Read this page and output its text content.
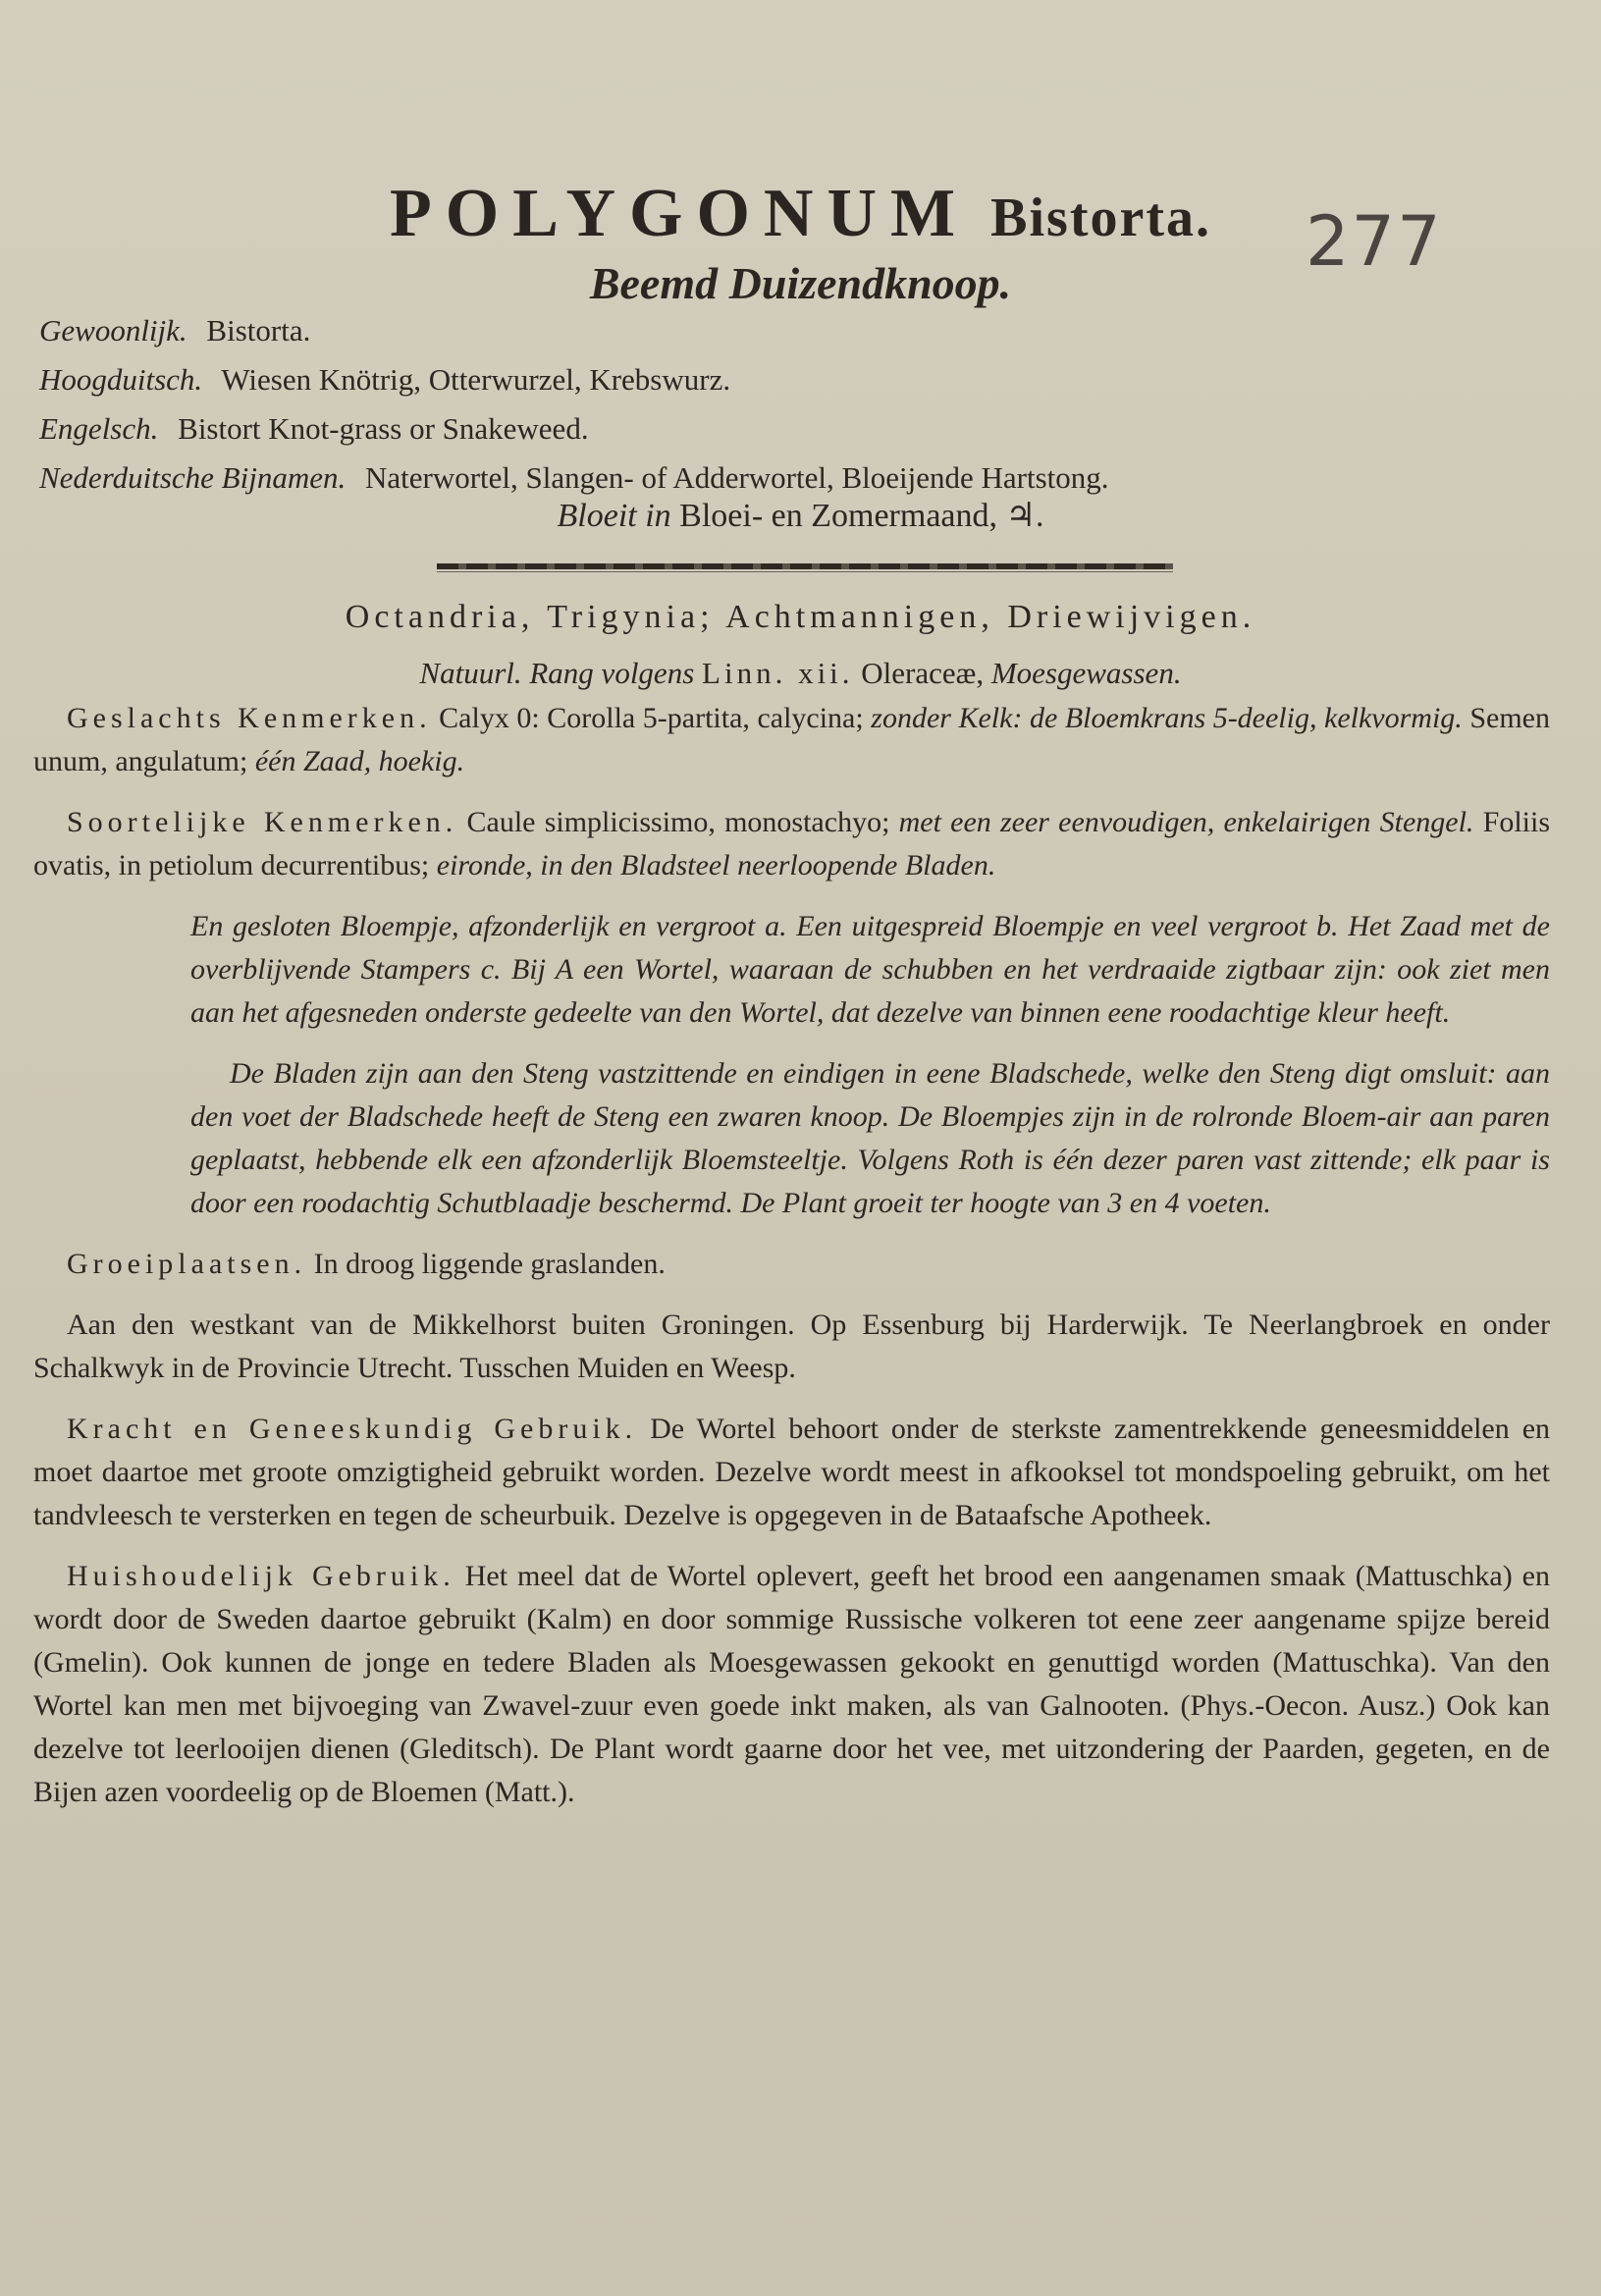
POLYGONUM Bistorta.	277
Beemd Duizendknoop.
Gewoonlijk. Bistorta.
Hoogduitsch. Wiesen Knötrig, Otterwurzel, Krebswurz.
Engelsch. Bistort Knot-grass or Snakeweed.
Nederduitsche Bijnamen. Naterwortel, Slangen- of Adderwortel, Bloeijende Hartstong.
Bloeit in Bloei- en Zomermaand, ♃.
Octandria, Trigynia; Achtmannigen, Driewijvigen.
Natuurl. Rang volgens Linn. xii. Oleraceæ, Moesgewassen.

Geslachts Kenmerken. Calyx 0: Corolla 5-partita, calycina; zonder Kelk: de Bloemkrans 5-deelig, kelkvormig. Semen unum, angulatum; één Zaad, hoekig.

Soortelijke Kenmerken. Caule simplicissimo, monostachyo; met een zeer eenvoudigen, enkelairigen Stengel. Foliis ovatis, in petiolum decurrentibus; eironde, in den Bladsteel neerloopende Bladen.

En gesloten Bloempje, afzonderlijk en vergroot a. Een uitgespreid Bloempje en veel vergroot b. Het Zaad met de overblijvende Stampers c. Bij A een Wortel, waaraan de schubben en het verdraaide zigtbaar zijn: ook ziet men aan het afgesneden onderste gedeelte van den Wortel, dat dezelve van binnen eene roodachtige kleur heeft.

De Bladen zijn aan den Steng vastzittende en eindigen in eene Bladschede, welke den Steng digt omsluit: aan den voet der Bladschede heeft de Steng een zwaren knoop. De Bloempjes zijn in de rolronde Bloem-air aan paren geplaatst, hebbende elk een afzonderlijk Bloemsteeltje. Volgens Roth is één dezer paren vast zittende; elk paar is door een roodachtig Schutblaadje beschermd. De Plant groeit ter hoogte van 3 en 4 voeten.

Groeiplaatsen. In droog liggende graslanden.

Aan den westkant van de Mikkelhorst buiten Groningen. Op Essenburg bij Harderwijk. Te Neerlangbroek en onder Schalkwyk in de Provincie Utrecht. Tusschen Muiden en Weesp.

Kracht en Geneeskundig Gebruik. De Wortel behoort onder de sterkste zamentrekkende geneesmiddelen en moet daartoe met groote omzigtigheid gebruikt worden. Dezelve wordt meest in afkooksel tot mondspoeling gebruikt, om het tandvleesch te versterken en tegen de scheurbuik. Dezelve is opgegeven in de Bataafsche Apotheek.

Huishoudelijk Gebruik. Het meel dat de Wortel oplevert, geeft het brood een aangenamen smaak (Mattuschka) en wordt door de Sweden daartoe gebruikt (Kalm) en door sommige Russische volkeren tot eene zeer aangename spijze bereid (Gmelin). Ook kunnen de jonge en tedere Bladen als Moesgewassen gekookt en genuttigd worden (Mattuschka). Van den Wortel kan men met bijvoeging van Zwavel-zuur even goede inkt maken, als van Galnooten. (Phys.-Oecon. Ausz.) Ook kan dezelve tot leerlooijen dienen (Gleditsch). De Plant wordt gaarne door het vee, met uitzondering der Paarden, gegeten, en de Bijen azen voordeelig op de Bloemen (Matt.).
